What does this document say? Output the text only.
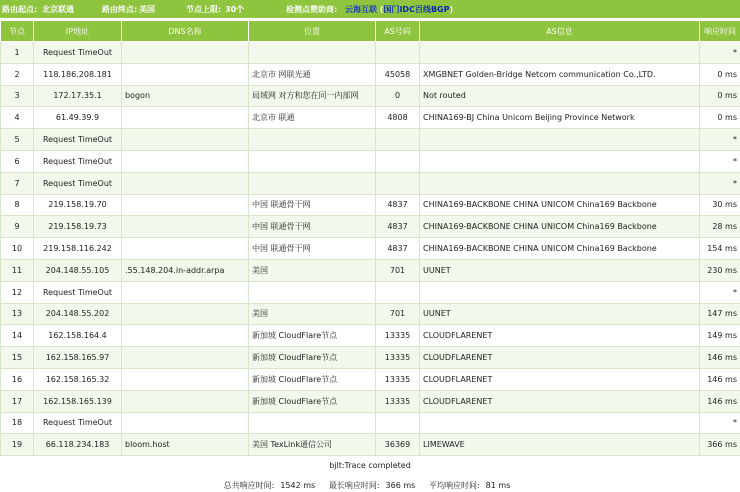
路由起点: 北京联通	路由终点: 美国	节点上限: 30个	检测点赞助商: 云海互联 (国门IDC百线BGP)
节点	IP地址	DNS名称	位置	AS号码	AS信息	响应时间
1	Request TimeOut					*
2	118.186.208.181		北京市 网联光通	45058	XMGBNET Golden-Bridge Netcom communication Co.,LTD.	0 ms
3	172.17.35.1	bogon	局域网 对方和您在同一内部网	0	Not routed	0 ms
4	61.49.39.9		北京市 联通	4808	CHINA169-BJ China Unicom Beijing Province Network	0 ms
5	Request TimeOut					*
6	Request TimeOut					*
7	Request TimeOut					*
8	219.158.19.70		中国 联通骨干网	4837	CHINA169-BACKBONE CHINA UNICOM China169 Backbone	30 ms
9	219.158.19.73		中国 联通骨干网	4837	CHINA169-BACKBONE CHINA UNICOM China169 Backbone	28 ms
10	219.158.116.242		中国 联通骨干网	4837	CHINA169-BACKBONE CHINA UNICOM China169 Backbone	154 ms
11	204.148.55.105	.55.148.204.in-addr.arpa	美国	701	UUNET	230 ms
12	Request TimeOut					*
13	204.148.55.202		美国	701	UUNET	147 ms
14	162.158.164.4		新加坡 CloudFlare节点	13335	CLOUDFLARENET	149 ms
15	162.158.165.97		新加坡 CloudFlare节点	13335	CLOUDFLARENET	146 ms
16	162.158.165.32		新加坡 CloudFlare节点	13335	CLOUDFLARENET	146 ms
17	162.158.165.139		新加坡 CloudFlare节点	13335	CLOUDFLARENET	146 ms
18	Request TimeOut					*
19	66.118.234.183	bloom.host	美国 TexLink通信公司	36369	LIMEWAVE	366 ms
bjlt:Trace completed
总共响应时间: 1542 ms 最长响应时间: 366 ms 平均响应时间: 81 ms
